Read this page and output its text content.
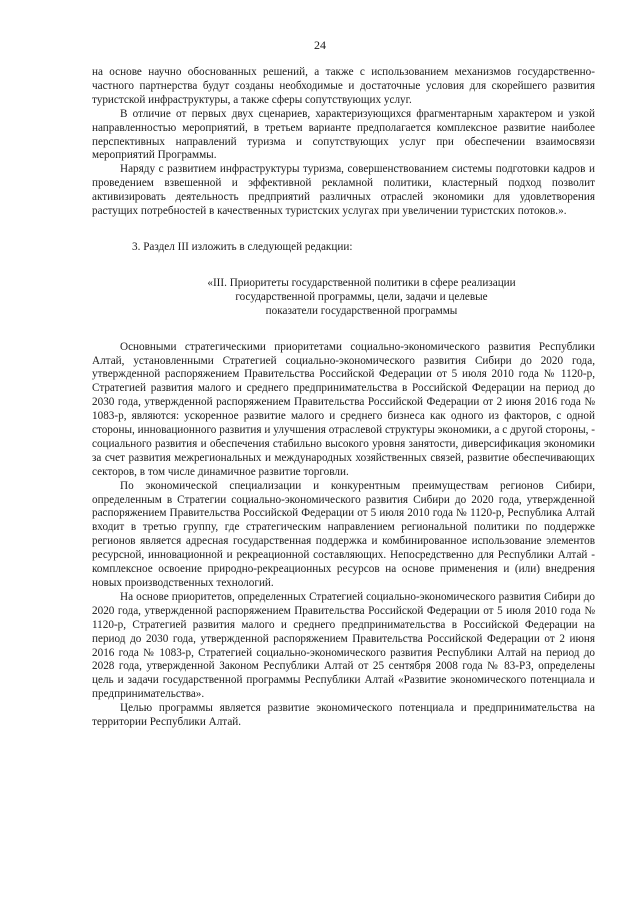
24

на основе научно обоснованных решений, а также с использованием механизмов государственно-частного партнерства будут созданы необходимые и достаточные условия для скорейшего развития туристской инфраструктуры, а также сферы сопутствующих услуг.

В отличие от первых двух сценариев, характеризующихся фрагментарным характером и узкой направленностью мероприятий, в третьем варианте предполагается комплексное развитие наиболее перспективных направлений туризма и сопутствующих услуг при обеспечении взаимосвязи мероприятий Программы.

Наряду с развитием инфраструктуры туризма, совершенствованием системы подготовки кадров и проведением взвешенной и эффективной рекламной политики, кластерный подход позволит активизировать деятельность предприятий различных отраслей экономики для удовлетворения растущих потребностей в качественных туристских услугах при увеличении туристских потоков.».

3. Раздел III изложить в следующей редакции:

«III. Приоритеты государственной политики в сфере реализации

государственной программы, цели, задачи и целевые

показатели государственной программы

Основными стратегическими приоритетами социально-экономического развития Республики Алтай, установленными Стратегией социально-экономического развития Сибири до 2020 года, утвержденной распоряжением Правительства Российской Федерации от 5 июля 2010 года № 1120-р, Стратегией развития малого и среднего предпринимательства в Российской Федерации на период до 2030 года, утвержденной распоряжением Правительства Российской Федерации от 2 июня 2016 года № 1083-р, являются: ускоренное развитие малого и среднего бизнеса как одного из факторов, с одной стороны, инновационного развития и улучшения отраслевой структуры экономики, а с другой стороны, - социального развития и обеспечения стабильно высокого уровня занятости, диверсификация экономики за счет развития межрегиональных и международных хозяйственных связей, развитие обеспечивающих секторов, в том числе динамичное развитие торговли.

По экономической специализации и конкурентным преимуществам регионов Сибири, определенным в Стратегии социально-экономического развития Сибири до 2020 года, утвержденной распоряжением Правительства Российской Федерации от 5 июля 2010 года № 1120-р, Республика Алтай входит в третью группу, где стратегическим направлением региональной политики по поддержке регионов является адресная государственная поддержка и комбинированное использование элементов ресурсной, инновационной и рекреационной составляющих. Непосредственно для Республики Алтай - комплексное освоение природно-рекреационных ресурсов на основе применения и (или) внедрения новых производственных технологий.

На основе приоритетов, определенных Стратегией социально-экономического развития Сибири до 2020 года, утвержденной распоряжением Правительства Российской Федерации от 5 июля 2010 года № 1120-р, Стратегией развития малого и среднего предпринимательства в Российской Федерации на период до 2030 года, утвержденной распоряжением Правительства Российской Федерации от 2 июня 2016 года № 1083-р, Стратегией социально-экономического развития Республики Алтай на период до 2028 года, утвержденной Законом Республики Алтай от 25 сентября 2008 года № 83-РЗ, определены цель и задачи государственной программы Республики Алтай «Развитие экономического потенциала и предпринимательства».

Целью программы является развитие экономического потенциала и предпринимательства на территории Республики Алтай.
